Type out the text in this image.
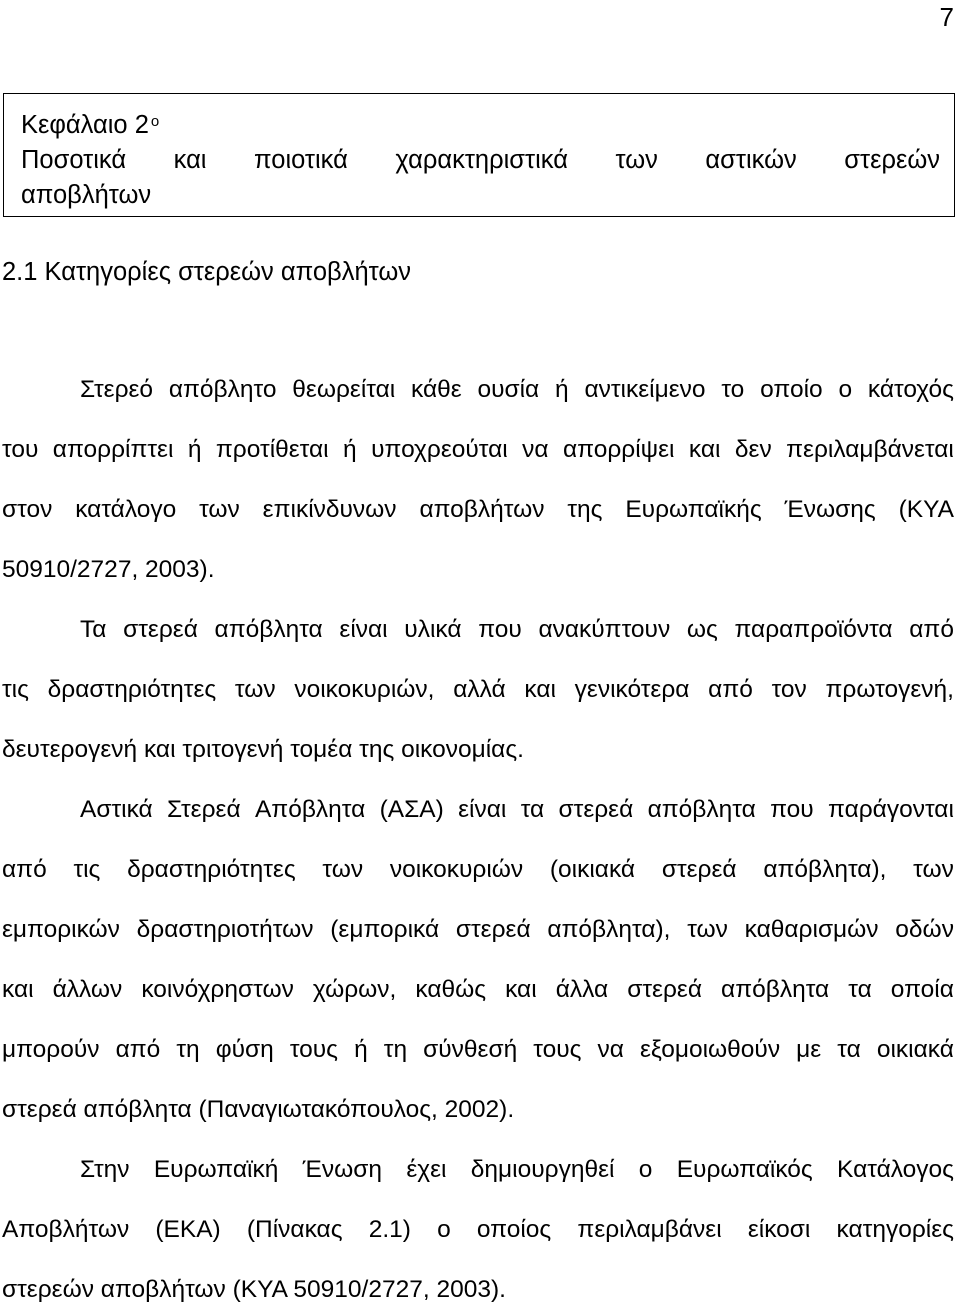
7
Κεφάλαιο 2 $^o$
Ποσοτικά και ποιοτικά χαρακτηριστικά των αστικών στερεών
αποβλήτων
2.1 Κατηγορίες στερεών αποβλήτων
Στερεό απόβλητο θεωρείται κάθε ουσία ή αντικείμενο το οποίο ο κάτοχός
του απορρίπτει ή προτίθεται ή υποχρεούται να απορρίψει και δεν περιλαμβάνεται
στον κατάλογο των επικίνδυνων αποβλήτων της Ευρωπαϊκής Ένωσης (ΚΥΑ
50910/2727, 2003).
Τα στερεά απόβλητα είναι υλικά που ανακύπτουν ως παραπροϊόντα από
τις δραστηριότητες των νοικοκυριών, αλλά και γενικότερα από τον πρωτογενή,
δευτερογενή και τριτογενή τομέα της οικονομίας.
Αστικά Στερεά Απόβλητα (ΑΣΑ) είναι τα στερεά απόβλητα που παράγονται
από τις δραστηριότητες των νοικοκυριών (οικιακά στερεά απόβλητα), των
εμπορικών δραστηριοτήτων (εμπορικά στερεά απόβλητα), των καθαρισμών οδών
και άλλων κοινόχρηστων χώρων, καθώς και άλλα στερεά απόβλητα τα οποία
μπορούν από τη φύση τους ή τη σύνθεσή τους να εξομοιωθούν με τα οικιακά
στερεά απόβλητα (Παναγιωτακόπουλος, 2002).
Στην Ευρωπαϊκή Ένωση έχει δημιουργηθεί ο Ευρωπαϊκός Κατάλογος
Αποβλήτων (ΕΚΑ) (Πίνακας 2.1) ο οποίος περιλαμβάνει είκοσι κατηγορίες
στερεών αποβλήτων (ΚΥΑ 50910/2727, 2003).
